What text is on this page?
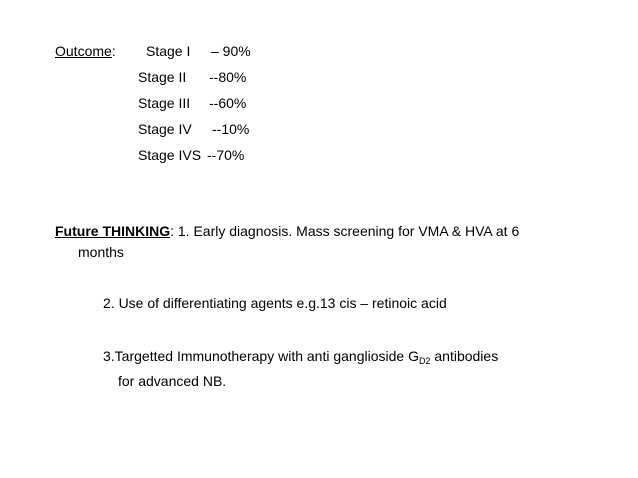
Outcome: Stage I – 90%
Stage II --80%
Stage III --60%
Stage IV --10%
Stage IVS --70%
Future THINKING: 1. Early diagnosis. Mass screening for VMA & HVA at 6
months
2. Use of differentiating agents e.g.13 cis – retinoic acid
3.Targetted Immunotherapy with anti ganglioside $G_{D2}$ antibodies
for advanced NB.
